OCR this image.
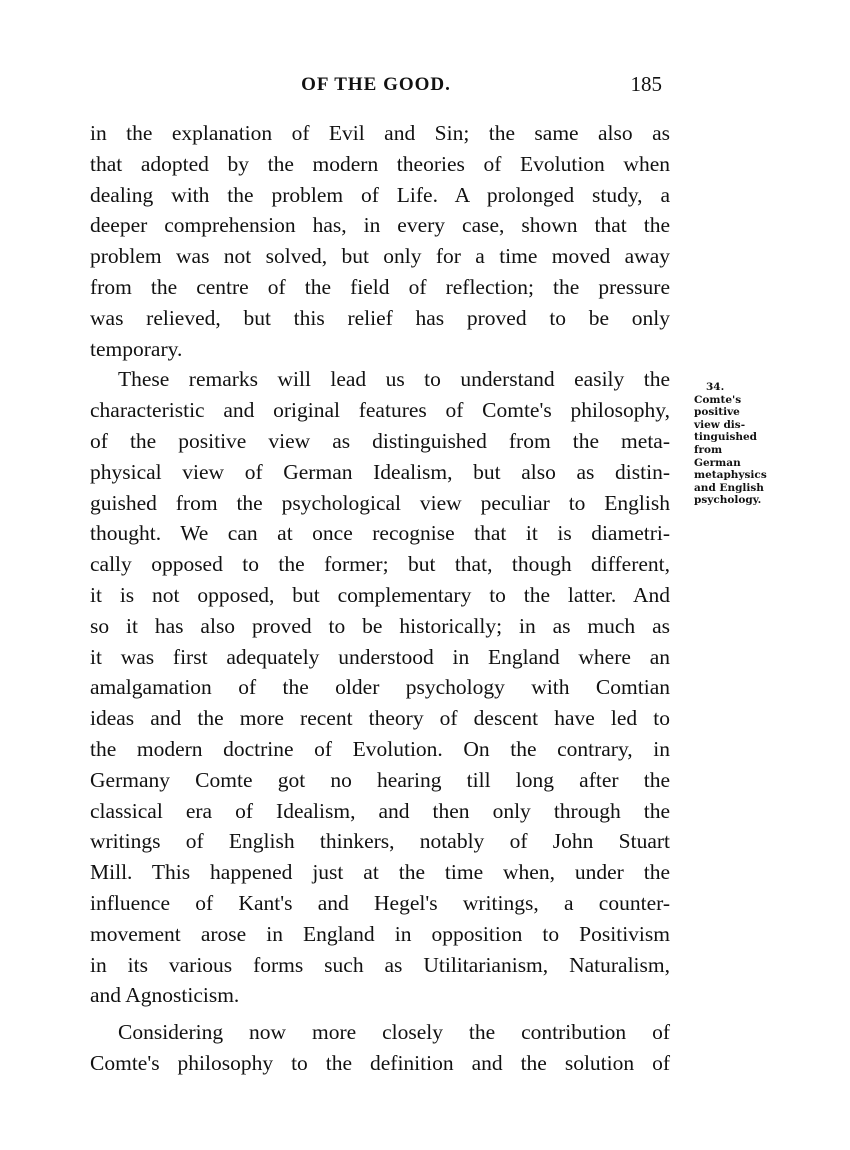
OF THE GOOD.	185
in the explanation of Evil and Sin; the same also as
that adopted by the modern theories of Evolution when
dealing with the problem of Life. A prolonged study, a
deeper comprehension has, in every case, shown that the
problem was not solved, but only for a time moved away
from the centre of the field of reflection; the pressure
was relieved, but this relief has proved to be only
temporary.
These remarks will lead us to understand easily the
characteristic and original features of Comte's philosophy,
of the positive view as distinguished from the meta-
physical view of German Idealism, but also as distin-
guished from the psychological view peculiar to English
thought. We can at once recognise that it is diametri-
cally opposed to the former; but that, though different,
it is not opposed, but complementary to the latter. And
so it has also proved to be historically; in as much as
it was first adequately understood in England where an
amalgamation of the older psychology with Comtian
ideas and the more recent theory of descent have led to
the modern doctrine of Evolution. On the contrary, in
Germany Comte got no hearing till long after the
classical era of Idealism, and then only through the
writings of English thinkers, notably of John Stuart
Mill. This happened just at the time when, under the
influence of Kant's and Hegel's writings, a counter-
movement arose in England in opposition to Positivism
in its various forms such as Utilitarianism, Naturalism,
and Agnosticism.
Considering now more closely the contribution of
Comte's philosophy to the definition and the solution of
34.
Comte's
positive
view dis-
tinguished
from
German
metaphysics
and English
psychology.
